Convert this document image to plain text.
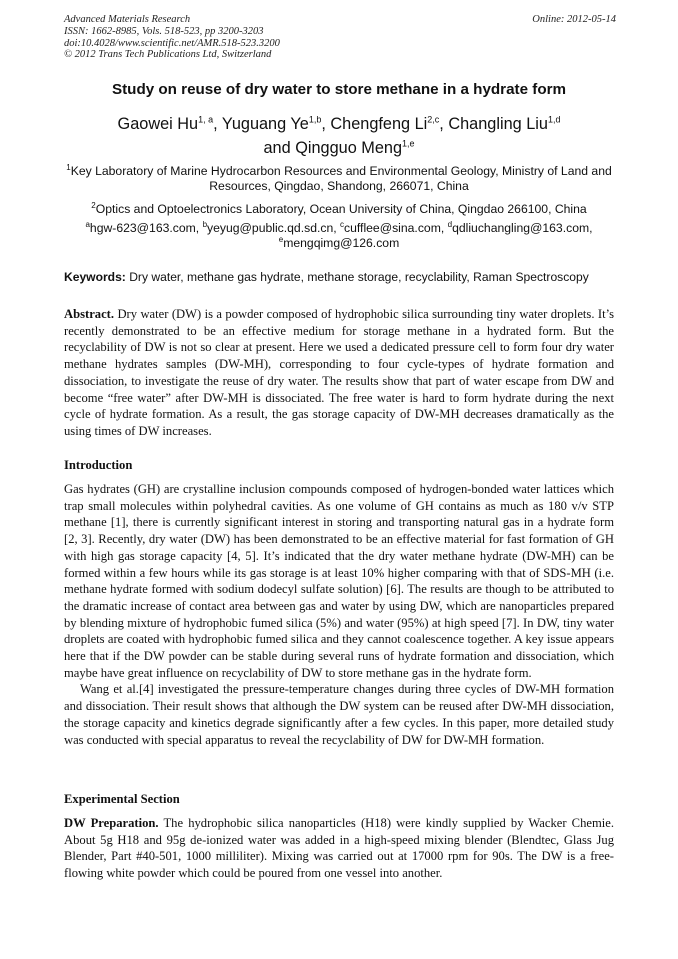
Advanced Materials Research
ISSN: 1662-8985, Vols. 518-523, pp 3200-3203
doi:10.4028/www.scientific.net/AMR.518-523.3200
© 2012 Trans Tech Publications Ltd, Switzerland
Online: 2012-05-14
Study on reuse of dry water to store methane in a hydrate form
Gaowei Hu$^{1, a}$, Yuguang Ye$^{1,b}$, Chengfeng Li$^{2,c}$, Changling Liu$^{1,d}$
and Qingguo Meng$^{1,e}$
$^1$Key Laboratory of Marine Hydrocarbon Resources and Environmental Geology, Ministry of Land and Resources, Qingdao, Shandong, 266071, China
$^2$Optics and Optoelectronics Laboratory, Ocean University of China, Qingdao 266100, China
$^a$hgw-623@163.com, $^b$yeyug@public.qd.sd.cn, $^c$cufflee@sina.com, $^d$qdliuchangling@163.com,
$^e$mengqimg@126.com
Keywords: Dry water, methane gas hydrate, methane storage, recyclability, Raman Spectroscopy

Abstract. Dry water (DW) is a powder composed of hydrophobic silica surrounding tiny water droplets. It’s recently demonstrated to be an effective medium for storage methane in a hydrated form. But the recyclability of DW is not so clear at present. Here we used a dedicated pressure cell to form four dry water methane hydrates samples (DW-MH), corresponding to four cycle-types of hydrate formation and dissociation, to investigate the reuse of dry water. The results show that part of water escape from DW and become “free water” after DW-MH is dissociated. The free water is hard to form hydrate during the next cycle of hydrate formation. As a result, the gas storage capacity of DW-MH decreases dramatically as the using times of DW increases.

Introduction

Gas hydrates (GH) are crystalline inclusion compounds composed of hydrogen-bonded water lattices which trap small molecules within polyhedral cavities. As one volume of GH contains as much as 180 v/v STP methane [1], there is currently significant interest in storing and transporting natural gas in a hydrate form [2, 3]. Recently, dry water (DW) has been demonstrated to be an effective material for fast formation of GH with high gas storage capacity [4, 5]. It’s indicated that the dry water methane hydrate (DW-MH) can be formed within a few hours while its gas storage is at least 10% higher comparing with that of SDS-MH (i.e. methane hydrate formed with sodium dodecyl sulfate solution) [6]. The results are though to be attributed to the dramatic increase of contact area between gas and water by using DW, which are nanoparticles prepared by blending mixture of hydrophobic fumed silica (5%) and water (95%) at high speed [7]. In DW, tiny water droplets are coated with hydrophobic fumed silica and they cannot coalescence together. A key issue appears here that if the DW powder can be stable during several runs of hydrate formation and dissociation, which maybe have great influence on recyclability of DW to store methane gas in the hydrate form.

Wang et al.[4] investigated the pressure-temperature changes during three cycles of DW-MH formation and dissociation. Their result shows that although the DW system can be reused after DW-MH dissociation, the storage capacity and kinetics degrade significantly after a few cycles. In this paper, more detailed study was conducted with special apparatus to reveal the recyclability of DW for DW-MH formation.

Experimental Section

DW Preparation. The hydrophobic silica nanoparticles (H18) were kindly supplied by Wacker Chemie. About 5g H18 and 95g de-ionized water was added in a high-speed mixing blender (Blendtec, Glass Jug Blender, Part #40-501, 1000 milliliter). Mixing was carried out at 17000 rpm for 90s. The DW is a free-flowing white powder which could be poured from one vessel into another.
